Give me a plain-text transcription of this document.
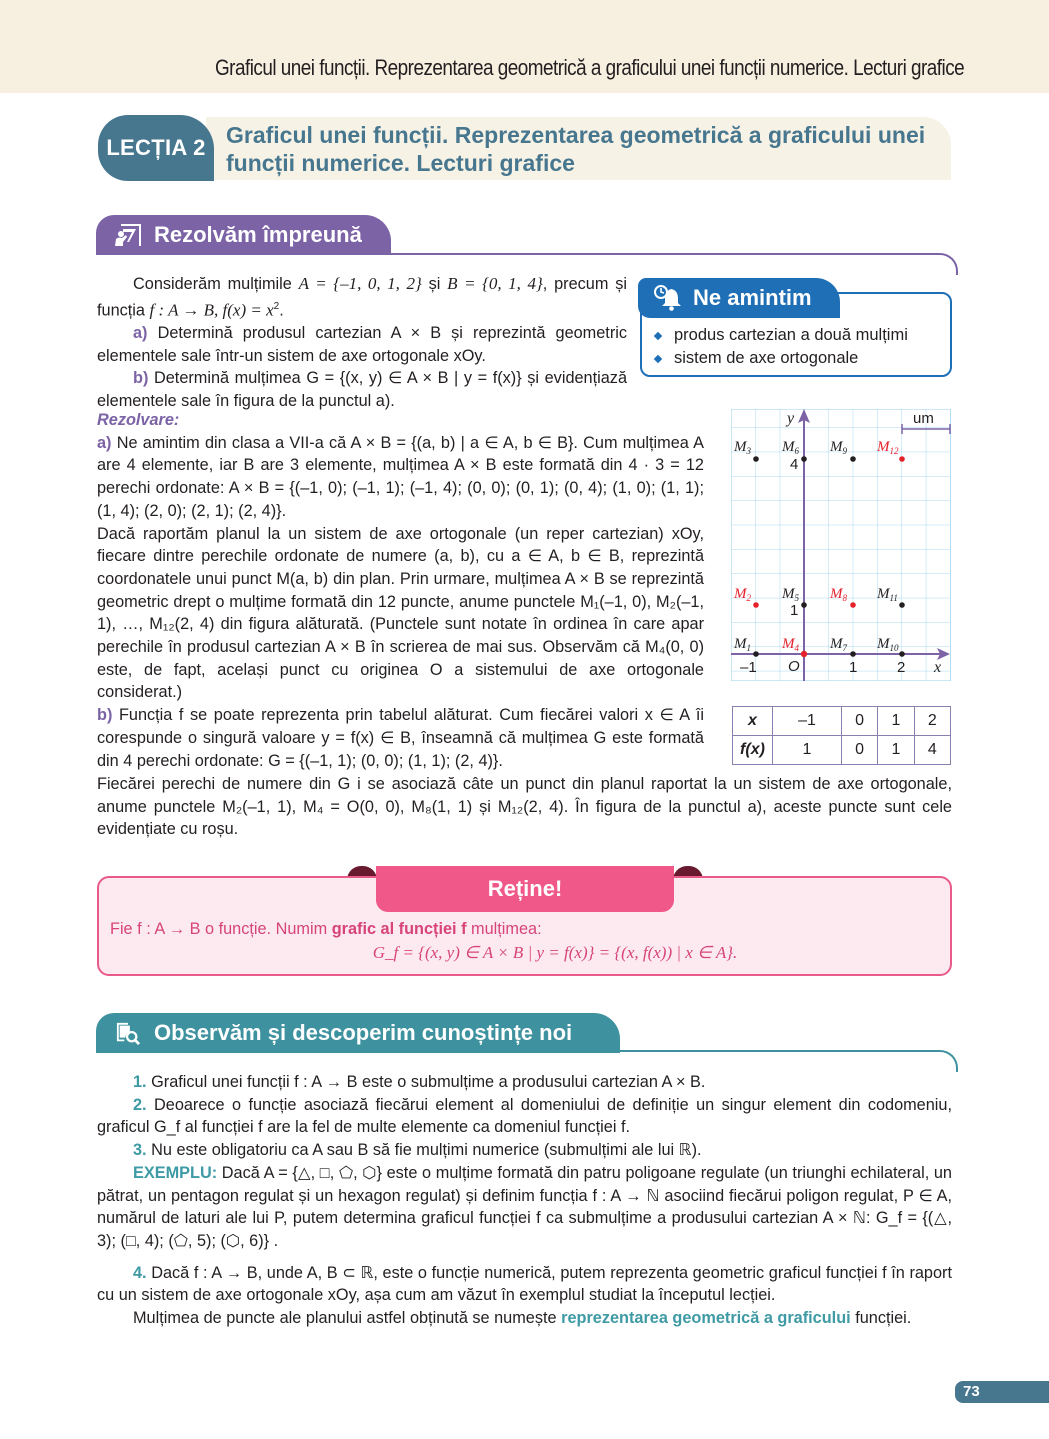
Graficul unei funcții. Reprezentarea geometrică a graficului unei funcții numerice. Lecturi grafice
LECȚIA 2 Graficul unei funcții. Reprezentarea geometrică a graficului unei funcții numerice. Lecturi grafice
Rezolvăm împreună
Ne amintim
produs cartezian a două mulțimi
sistem de axe ortogonale

Considerăm mulțimile A = {–1, 0, 1, 2} și B = {0, 1, 4}, precum și funcția f : A → B, $f(x) = x^2$.

a) Determină produsul cartezian A × B și reprezintă geometric elementele sale într-un sistem de axe ortogonale xOy.

b) Determină mulțimea G = {(x, y) ∈ A × B | y = f(x)} și evidențiază elementele sale în figura de la punctul a).

Rezolvare:

a) Ne amintim din clasa a VII-a că A × B = {(a, b) | a ∈ A, b ∈ B}. Cum mulțimea A are 4 elemente, iar B are 3 elemente, mulțimea A × B este formată din 4 · 3 = 12 perechi ordonate: A × B = {(–1, 0); (–1, 1); (–1, 4); (0, 0); (0, 1); (0, 4); (1, 0); (1, 1); (1, 4); (2, 0); (2, 1); (2, 4)}.

Dacă raportăm planul la un sistem de axe ortogonale (un reper cartezian) xOy, fiecare dintre perechile ordonate de numere (a, b), cu a ∈ A, b ∈ B, reprezintă coordonatele unui punct M(a, b) din plan. Prin urmare, mulțimea A × B se reprezintă geometric drept o mulțime formată din 12 puncte, anume punctele M₁(–1, 0), M₂(–1, 1), …, M₁₂(2, 4) din figura alăturată. (Punctele sunt notate în ordinea în care apar perechile în produsul cartezian A × B în scrierea de mai sus. Observăm că M₄(0, 0) este, de fapt, același punct cu originea O a sistemului de axe ortogonale considerat.)

b) Funcția f se poate reprezenta prin tabelul alăturat. Cum fiecărei valori x ∈ A îi corespunde o singură valoare y = f(x) ∈ B, înseamnă că mulțimea G este formată din 4 perechi ordonate: G = {(–1, 1); (0, 0); (1, 1); (2, 4)}.

Fiecărei perechi de numere din G i se asociază câte un punct din planul raportat la un sistem de axe ortogonale, anume punctele M₂(–1, 1), M₄ = O(0, 0), M₈(1, 1) și M₁₂(2, 4). În figura de la punctul a), aceste puncte sunt cele evidențiate cu roșu.

um
y
x
O
–1	1	2
1
4
$M_1$
$M_2$
$M_3$
$M_4$
$M_5$
$M_6$
$M_7$
$M_8$
$M_9$
$M_{10}$
$M_{11}$
$M_{12}$
x	–1	0	1	2
f(x)	1	0	1	4
Reține!

Fie f : A → B o funcție. Numim grafic al funcției f mulțimea:

G_f = {(x, y) ∈ A × B | y = f(x)} = {(x, f(x)) | x ∈ A}.

Observăm și descoperim cunoștințe noi

1. Graficul unei funcții f : A → B este o submulțime a produsului cartezian A × B.

2. Deoarece o funcție asociază fiecărui element al domeniului de definiție un singur element din codomeniu, graficul G_f al funcției f are la fel de multe elemente ca domeniul funcției f.

3. Nu este obligatoriu ca A sau B să fie mulțimi numerice (submulțimi ale lui ℝ).

EXEMPLU: Dacă A = {△, □, ⬠, ⬡} este o mulțime formată din patru poligoane regulate (un triunghi echilateral, un pătrat, un pentagon regulat și un hexagon regulat) și definim funcția f : A → ℕ asociind fiecărui poligon regulat, P ∈ A, numărul de laturi ale lui P, putem determina graficul funcției f ca submulțime a produsului cartezian A × ℕ: G_f = {(△, 3); (□, 4); (⬠, 5); (⬡, 6)} .

4. Dacă f : A → B, unde A, B ⊂ ℝ, este o funcție numerică, putem reprezenta geometric graficul funcției f în raport cu un sistem de axe ortogonale xOy, așa cum am văzut în exemplul studiat la începutul lecției.

Mulțimea de puncte ale planului astfel obținută se numește reprezentarea geometrică a graficului funcției.

73
